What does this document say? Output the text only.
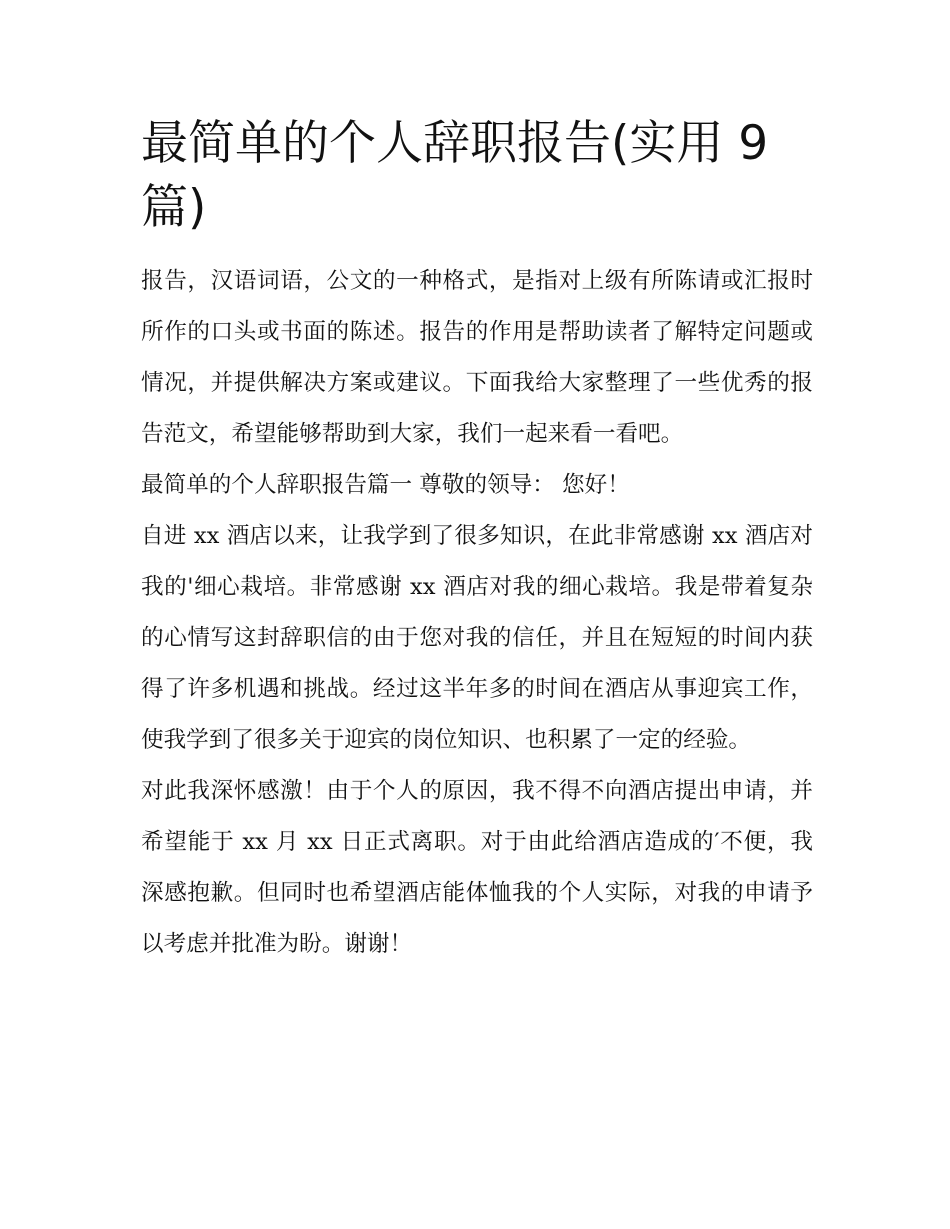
最简单的个人辞职报告(实用 9 篇)

报告，汉语词语，公文的一种格式，是指对上级有所陈请或汇报时所作的口头或书面的陈述。报告的作用是帮助读者了解特定问题或情况，并提供解决方案或建议。下面我给大家整理了一些优秀的报告范文，希望能够帮助到大家，我们一起来看一看吧。

最简单的个人辞职报告篇一 尊敬的领导： 您好！

自进 xx 酒店以来，让我学到了很多知识，在此非常感谢 xx 酒店对我的'细心栽培。非常感谢 xx 酒店对我的细心栽培。我是带着复杂的心情写这封辞职信的由于您对我的信任，并且在短短的时间内获得了许多机遇和挑战。经过这半年多的时间在酒店从事迎宾工作，使我学到了很多关于迎宾的岗位知识、也积累了一定的经验。

对此我深怀感激！由于个人的原因，我不得不向酒店提出申请，并希望能于 xx 月 xx 日正式离职。对于由此给酒店造成的′不便，我深感抱歉。但同时也希望酒店能体恤我的个人实际，对我的申请予以考虑并批准为盼。谢谢！
